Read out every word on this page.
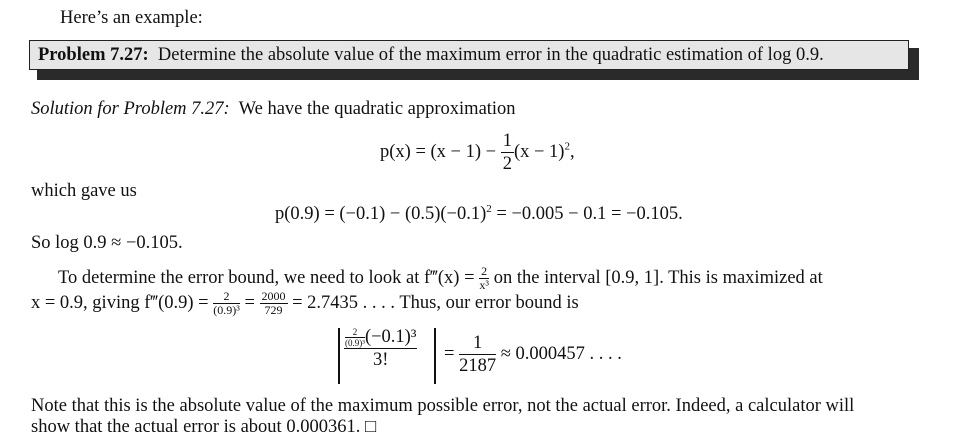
Here’s an example:
Problem 7.27: Determine the absolute value of the maximum error in the quadratic estimation of log 0.9.
Solution for Problem 7.27: We have the quadratic approximation
$p(x) = (x - 1) - \frac{1}{2} (x - 1)^2$,
which gave us
$p(0.9) = (-0.1) - (0.5)(-0.1)^2 = -0.005 - 0.1 = -0.105$.
So log 0.9 ≈ −0.105.
To determine the error bound, we need to look at f‴(x) = $\frac{2}{\text{x³}}$ on the interval [0.9, 1]. This is maximized at
x = 0.9, giving f‴(0.9) = $\frac{2}{\text{(0.9)³}} = \frac{2000}{729} = 2.7435$ . . . . Thus, our error bound is
$\frac{\frac{2}{\text{(0.9)³}} (-0.1)^3}{3!} = \frac{1}{2187} \approx 0.000457$ . . . .
Note that this is the absolute value of the maximum possible error, not the actual error. Indeed, a calculator will
show that the actual error is about 0.000361. □
